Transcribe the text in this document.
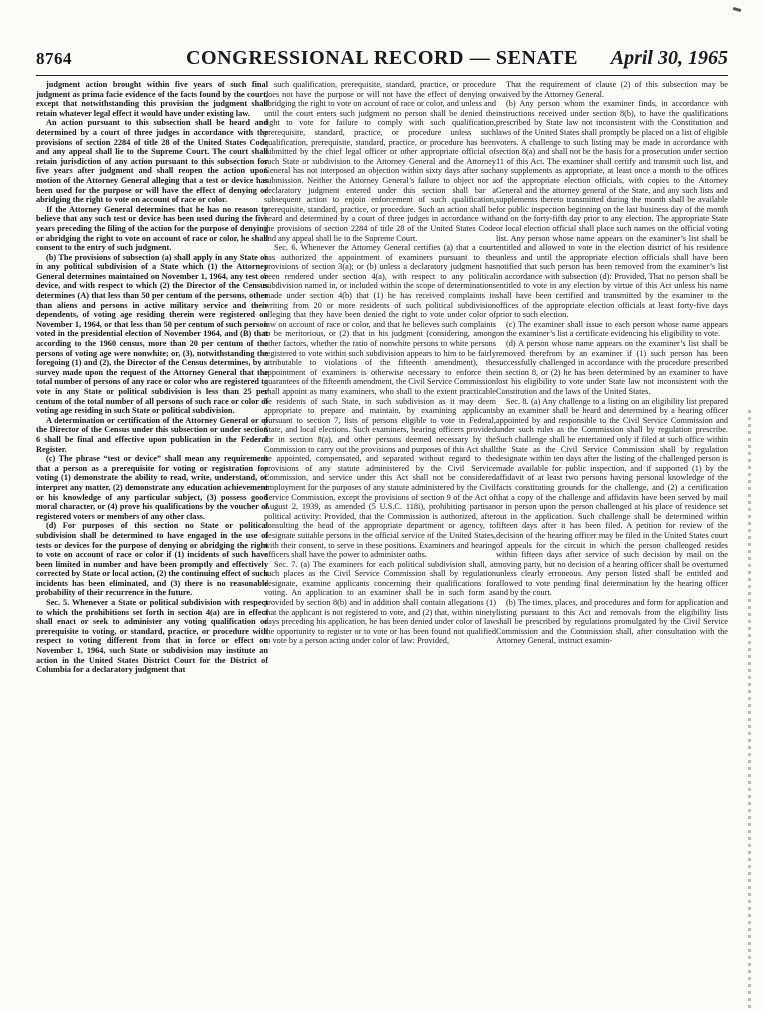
8764	CONGRESSIONAL RECORD — SENATE	April 30, 1965

judgment action brought within five years of such final judgment as prima facie evidence of the facts found by the court, except that notwithstanding this provision the judgment shall retain whatever legal effect it would have under existing law.

An action pursuant to this subsection shall be heard and determined by a court of three judges in accordance with the provisions of section 2284 of title 28 of the United States Code and any appeal shall lie to the Supreme Court. The court shall retain jurisdiction of any action pursuant to this subsection for five years after judgment and shall reopen the action upon motion of the Attorney General alleging that a test or device has been used for the purpose or will have the effect of denying or abridging the right to vote on account of race or color.

If the Attorney General determines that he has no reason to believe that any such test or device has been used during the five years preceding the filing of the action for the purpose of denying or abridging the right to vote on account of race or color, he shall consent to the entry of such judgment.

(b) The provisions of subsection (a) shall apply in any State or in any political subdivision of a State which (1) the Attorney General determines maintained on November 1, 1964, any test or device, and with respect to which (2) the Director of the Census determines (A) that less than 50 per centum of the persons, other than aliens and persons in active military service and their dependents, of voting age residing therein were registered on November 1, 1964, or that less than 50 per centum of such person voted in the presidential election of November 1964, and (B) that according to the 1960 census, more than 20 per centum of the persons of voting age were nonwhite; or, (3), notwithstanding the foregoing (1) and (2), the Director of the Census determines, by a survey made upon the request of the Attorney General that the total number of persons of any race or color who are registered to vote in any State or political subdivision is less than 25 per centum of the total number of all persons of such race or color of voting age residing in such State or political subdivision.

A determination or certification of the Attorney General or of the Director of the Census under this subsection or under section 6 shall be final and effective upon publication in the Federal Register.

(c) The phrase “test or device” shall mean any requirement that a person as a prerequisite for voting or registration for voting (1) demonstrate the ability to read, write, understand, or interpret any matter, (2) demonstrate any education achievement or his knowledge of any particular subject, (3) possess good moral character, or (4) prove his qualifications by the voucher of registered voters or members of any other class.

(d) For purposes of this section no State or political subdivision shall be determined to have engaged in the use of tests or devices for the purpose of denying or abridging the right to vote on account of race or color if (1) incidents of such have been limited in number and have been promptly and effectively corrected by State or local action, (2) the continuing effect of such incidents has been eliminated, and (3) there is no reasonable probability of their recurrence in the future.

Sec. 5. Whenever a State or political subdivision with respect to which the prohibitions set forth in section 4(a) are in effect shall enact or seek to administer any voting qualification or prerequisite to voting, or standard, practice, or procedure with respect to voting different from that in force or effect on November 1, 1964, such State or subdivision may institute an action in the United States District Court for the District of Columbia for a declaratory judgment that

such qualification, prerequisite, standard, practice, or procedure does not have the purpose or will not have the effect of denying or abridging the right to vote on account of race or color, and unless and until the court enters such judgment no person shall be denied the right to vote for failure to comply with such qualification, prerequisite, standard, practice, or procedure unless such qualification, prerequisite, standard, practice, or procedure has been submitted by the chief legal officer or other appropriate official of such State or subdivision to the Attorney General and the Attorney General has not interposed an objection within sixty days after such submission. Neither the Attorney General’s failure to object nor a declaratory judgment entered under this section shall bar a subsequent action to enjoin enforcement of such qualification, prerequisite, standard, practice, or procedure. Such an action shall be heard and determined by a court of three judges in accordance with the provisions of section 2284 of title 28 of the United States Code and any appeal shall lie to the Supreme Court.

Sec. 6. Whenever the Attorney General certifies (a) that a court has authorized the appointment of examiners pursuant to the provisions of section 3(a); or (b) unless a declaratory judgment has been rendered under section 4(a), with respect to any political subdivision named in, or included within the scope of determinations made under section 4(b) that (1) he has received complaints in writing from 20 or more residents of such political subdivision alleging that they have been denied the right to vote under color of law on account of race or color, and that he believes such complaints to be meritorious, or (2) that in his judgment (considering, among other factors, whether the ratio of nonwhite persons to white persons registered to vote within such subdivision appears to him to be fairly attributable to violations of the fifteenth amendment), the appointment of examiners is otherwise necessary to enforce the guarantees of the fifteenth amendment, the Civil Service Commission shall appoint as many examiners, who shall to the extent practicable be residents of such State, in such subdivision as it may deem appropriate to prepare and maintain, by examining applicants pursuant to section 7, lists of persons eligible to vote in Federal, State, and local elections. Such examiners, hearing officers provided for in section 8(a), and other persons deemed necessary by the Commission to carry out the provisions and purposes of this Act shall be appointed, compensated, and separated without regard to the provisions of any statute administered by the Civil Service Commission, and service under this Act shall not be considered employment for the purposes of any statute administered by the Civil Service Commission, except the provisions of section 9 of the Act of August 2, 1939, as amended (5 U.S.C. 118i), prohibiting partisan political activity: Provided, that the Commission is authorized, after consulting the head of the appropriate department or agency, to designate suitable persons in the official service of the United States, with their consent, to serve in these positions. Examiners and hearing officers shall have the power to administer oaths.

Sec. 7. (a) The examiners for each political subdivision shall, at such places as the Civil Service Commission shall by regulation designate, examine applicants concerning their qualifications for voting. An application to an examiner shall be in such form as provided by section 8(b) and in addition shall contain allegations (1) that the applicant is not registered to vote, and (2) that, within ninety days preceding his application, he has been denied under color of law the opportunity to register or to vote or has been found not qualified to vote by a person acting under color of law: Provided,

That the requirement of clause (2) of this subsection may be waived by the Attorney General.

(b) Any person whom the examiner finds, in accordance with instructions received under section 8(b), to have the qualifications prescribed by State law not inconsistent with the Constitution and laws of the United States shall promptly be placed on a list of eligible voters. A challenge to such listing may be made in accordance with section 8(a) and shall not be the basis for a prosecution under section 11 of this Act. The examiner shall certify and transmit such list, and any supplements as appropriate, at least once a month to the offices of the appropriate election officials, with copies to the Attorney General and the attorney general of the State, and any such lists and supplements thereto transmitted during the month shall be available for public inspection beginning on the last business day of the month and on the forty-fifth day prior to any election. The appropriate State or local election official shall place such names on the official voting list. Any person whose name appears on the examiner’s list shall be entitled and allowed to vote in the election district of his residence unless and until the appropriate election officials shall have been notified that such person has been removed from the examiner’s list in accordance with subsection (d): Provided, That no person shall be entitled to vote in any election by virtue of this Act unless his name shall have been certified and transmitted by the examiner to the offices of the appropriate election officials at least forty-five days prior to such election.

(c) The examiner shall issue to each person whose name appears on the examiner’s list a certificate evidencing his eligibility to vote.

(d) A person whose name appears on the examiner’s list shall be removed therefrom by an examiner if (1) such person has been successfully challenged in accordance with the procedure prescribed in section 8, or (2) he has been determined by an examiner to have lost his eligibility to vote under State law not inconsistent with the Constitution and the laws of the United States.

Sec. 8. (a) Any challenge to a listing on an eligibility list prepared by an examiner shall be heard and determined by a hearing officer appointed by and responsible to the Civil Service Commission and under such rules as the Commission shall by regulation prescribe. Such challenge shall be entertained only if filed at such office within the State as the Civil Service Commission shall by regulation designate within ten days after the listing of the challenged person is made available for public inspection, and if supported (1) by the affidavit of at least two persons having personal knowledge of the facts constituting grounds for the challenge, and (2) a certification that a copy of the challenge and affidavits have been served by mail or in person upon the person challenged at his place of residence set out in the application. Such challenge shall be determined within fifteen days after it has been filed. A petition for review of the decision of the hearing officer may be filed in the United States court of appeals for the circuit in which the person challenged resides within fifteen days after service of such decision by mail on the moving party, but no decision of a hearing officer shall be overturned unless clearly erroneous. Any person listed shall be entitled and allowed to vote pending final determination by the hearing officer and by the court.

(b) The times, places, and procedures and form for application and listing pursuant to this Act and removals from the eligibility lists shall be prescribed by regulations promulgated by the Civil Service Commission and the Commission shall, after consultation with the Attorney General, instruct examin-
